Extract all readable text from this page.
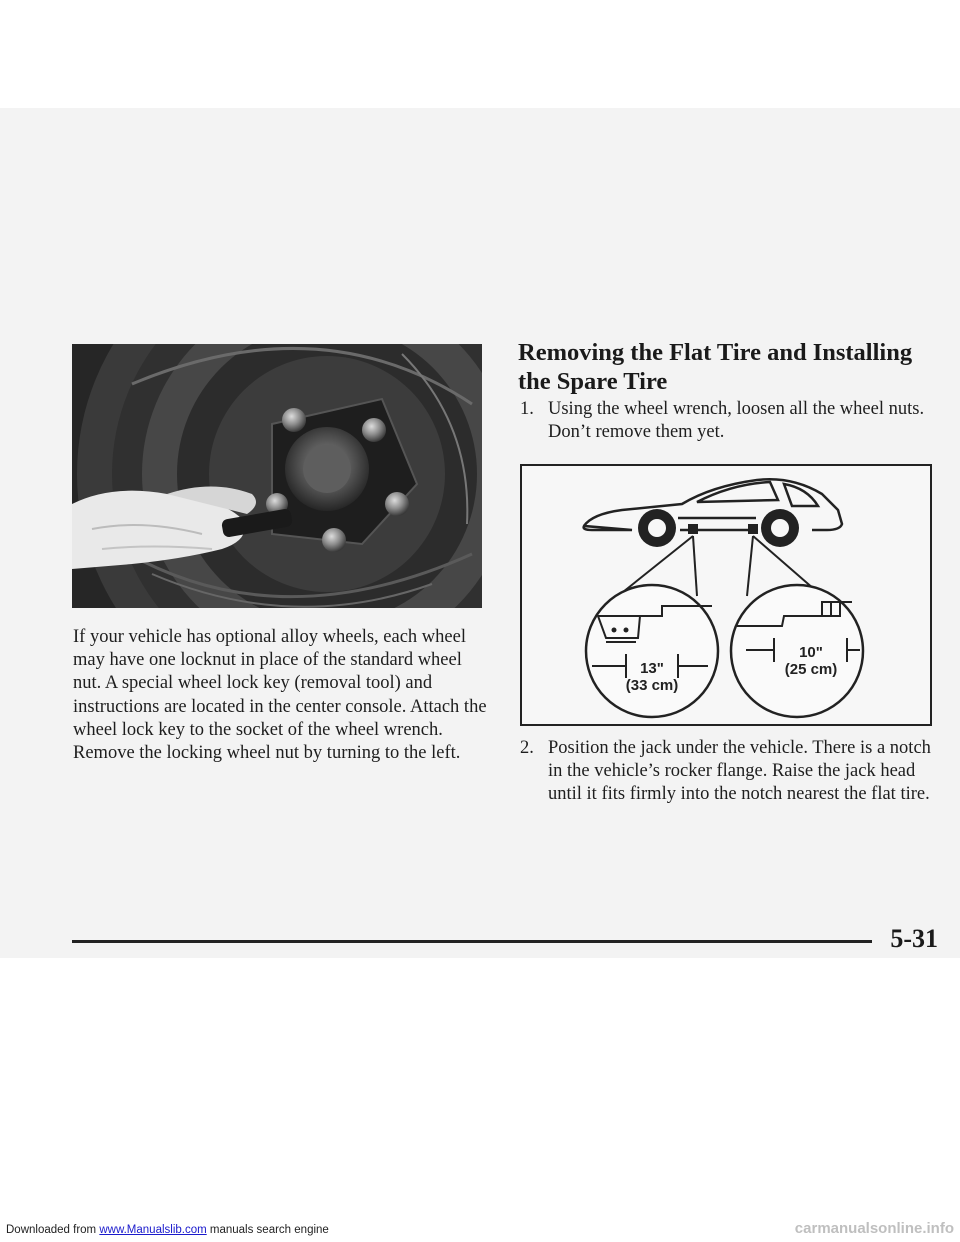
If your vehicle has optional alloy wheels, each wheel may have one locknut in place of the standard wheel nut. A special wheel lock key (removal tool) and instructions are located in the center console. Attach the wheel lock key to the socket of the wheel wrench. Remove the locking wheel nut by turning to the left.

Removing the Flat Tire and Installing the Spare Tire
1. Using the wheel wrench, loosen all the wheel nuts. Don’t remove them yet.
13"
(33 cm)
10"
(25 cm)
2. Position the jack under the vehicle. There is a notch in the vehicle’s rocker flange. Raise the jack head until it fits firmly into the notch nearest the flat tire.
5-31
Downloaded from www.Manualslib.com manuals search engine	carmanualsonline.info
